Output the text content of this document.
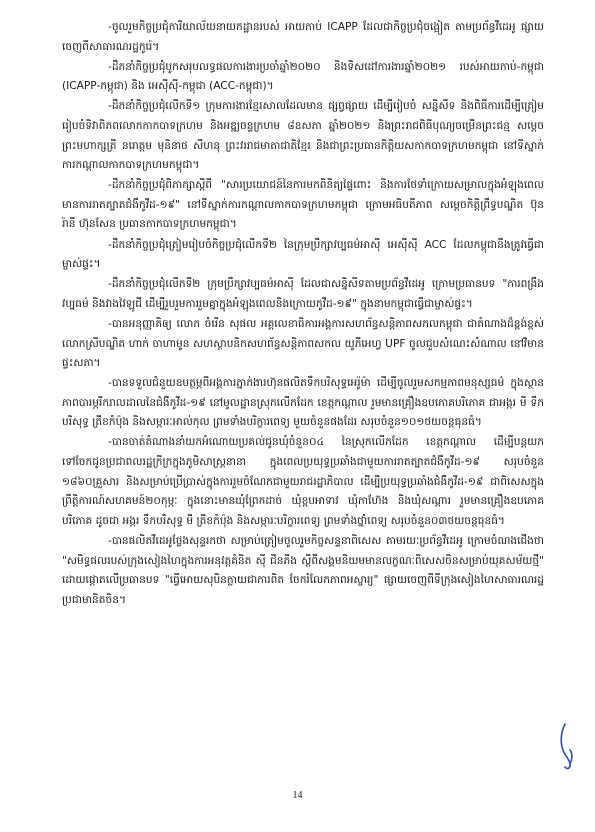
-ចូលរួមកិច្ចប្រជុំការិយាល័យនាយកដ្ឋានរបស់ អាយកាប់ ICAPP ដែលជាកិច្ចប្រជុំចង្អៀត តាមប្រព័ន្ធវីដេអូ ផ្សាយចេញពីសាធារណរដ្ឋកូរ៉េ។

-ដឹកនាំកិច្ចប្រជុំបូកសរុបលទ្ធផលការងារប្រចាំឆ្នាំ២០២០ និងទិសដៅការងារឆ្នាំ២០២១ របស់អាយកាប់-កម្ពុជា (ICAPP-កម្ពុជា) និង អេស៊ីស៊ី-កម្ពុជា (ACC-កម្ពុជា)។

-ដឹកនាំកិច្ចប្រជុំលើកទី១ ក្រុមការងារខ្មែរសាលដែលមាន ផ្សព្វផ្សាយ ដើម្បីរៀបចំ សន្និសីទ និងពិធីការដើម្បីត្រៀមរៀបចំទិវាពិភពលោកកាកបាទក្រហម និងអឌ្ឍចន្ទក្រហម ៨ឧសភា ឆ្នាំ២០២១ និងព្រះរាជពិធីបុណ្យចម្រើនព្រះជន្ម សម្តេចព្រះមហាក្សត្រី នរោត្តម មុនិនាថ សីហនុ ព្រះវររាជមាតាជាតិខ្មែរ និងជាព្រះប្រធានកិត្តិយសកាកបាទក្រហមកម្ពុជា នៅទីស្នាក់ការកណ្តាលកាកបាទក្រហមកម្ពុជា។

-ដឹកនាំកិច្ចប្រជុំពិភាក្សាស្តីពី "សារប្រយោជន៍នៃការមកពិនិត្យផ្ទៃពោះ និងការថែទាំក្រោយសម្រាលក្នុងអំឡុងពេលមានការរាតត្បាតជំងឺកូវីដ-១៩" នៅទីស្នាក់ការកណ្តាលកាកបាទក្រហមកម្ពុជា ក្រោមអធិបតីភាព សម្តេចកិត្តិព្រឹទ្ធបណ្ឌិត ប៊ុន រ៉ានី ហ៊ុនសែន ប្រធានកាកបាទក្រហមកម្ពុជា។

-ដឹកនាំកិច្ចប្រជុំត្រៀមរៀបចំកិច្ចប្រជុំលើកទី២ នៃក្រុមប្រឹក្សាវប្បធម៌អាស៊ី អេស៊ីស៊ី ACC ដែលកម្ពុជានឹងត្រូវធ្វើជាម្ចាស់ផ្ទះ។

-ដឹកនាំកិច្ចប្រជុំលើកទី២ ក្រុមប្រឹក្សាវប្បធម៌អាស៊ី ដែលជាសន្និសីទតាមប្រព័ន្ធវីដេអូ ក្រោមប្រធានបទ "ការពង្រឹងវប្បធម៌ និងវាងវៃឡូជី ដើម្បីរួបរួមការរួមគ្នាក្នុងអំឡុងពេលនិងក្រោយកូវីដ-១៩" ក្នុងនាមកម្ពុជាធ្វើជាម្ចាស់ផ្ទះ។

-បានអនុញ្ញាតិឲ្យ លោក ចំរើន សុផល អគ្គលេខាធិការអង្គការសហព័ន្ធសន្តិភាពសកលកម្ពុជា ជាតំណាងដ៏ខ្ពង់ខ្ពស់ លោកស្រីបណ្ឌិត ហាក់ ចាហាមូន សហស្ថាបនិកសហព័ន្ធសន្តិភាពសកល យូភីអេហ្វ UPF ចូលជួបសំណេះសំណាល នៅវិមានផ្ទះសភា។

-បានទទួលជំនួយឧបត្ថម្ភពីអង្គការភ្នាក់ងារហ៊ុនផលិតទឹកបរិសុទ្ធអេរ៉ូម៉ា ដើម្បីចូលរួមសកម្មភាពមនុស្សធម៌ ក្នុងស្ថានភាពបារម្ភរីករាលដាលនៃជំងឺកូវីដ-១៩ នៅមូលដ្ឋានស្រុកលើកដែក ខេត្តកណ្តាល រួមមានគ្រឿងឧបភោគបរិភោគ ជាអង្ករ មី ទឹកបរិសុទ្ធ ត្រីខកំប៉ុង និងសម្ភារៈអាល់កុល ព្រមទាំងបរិក្ខារពេទ្យ មួយចំនួនផងដែរ សរុបចំនួន១០១ថយចន្តធុនធំ។

-បានចាត់តំណាងនាំយកអំណោយប្រគល់ជូនឃុំចំនួន០៤ នៃស្រុកលើកដែក ខេត្តកណ្តាល ដើម្បីបន្តយកទៅចែកជូនប្រជាពលរដ្ឋក្រីក្រក្នុងភូមិសាស្ត្រនានា ក្នុងពេលប្រយុទ្ធប្រឆាំងជាមួយការរាតត្បាតជំងឺកូវីដ-១៩ សរុបចំនួន ១៨៦០គ្រួសារ និងសម្រាប់ប្រើប្រាស់ក្នុងការរួមចំណែកជាមួយរាជរដ្ឋាភិបាល ដើម្បីប្រយុទ្ធប្រឆាំងជំងឺកូវីដ-១៩ ជាពិសេសក្នុងព្រឹត្តិការណ៍សហគមន៍២០កុម្ភៈ ក្នុងនោះមានឃុំព្រែកដាច់ ឃុំខ្ពបអាទាវ ឃុំកាហ៊ែង និងឃុំសណ្តារ រួមមានគ្រឿងឧបភោគបរិភោគ ដូចជា អង្ករ ទឹកបរិសុទ្ធ មី ត្រីខកំប៉ុង និងសម្ភារៈបរិក្ខារពេទ្យ ព្រមទាំងថ្នាំពេទ្យ សរុបចំនួន០៣ថយចន្តធុនធំ។

-បានផលិតវីដេអូថ្លែងសុន្ទរកថា សម្រាប់ត្រៀមចូលរួមកិច្ចសន្ទនាពិសេស តាមរយៈប្រព័ន្ធវីដេអូ ក្រោមចំណងជើងថា "សមិទ្ធផលរបស់ក្រុងសៀងហៃក្នុងការអនុវត្តគំនិត ស៊ី ជីនភីង ស្តីពីសង្គមនិយមមានលក្ខណៈពិសេសចិនសម្រាប់យុគសម័យថ្មី" ដោយផ្តោតលើប្រធានបទ "ធ្វើអោយសុបិនក្លាយជាការពិត ចែករំលែកភាពអស្ចារ្យ" ផ្សាយចេញពីទីក្រុងសៀងហៃសាធារណរដ្ឋប្រជាមានិតចិន។

14
